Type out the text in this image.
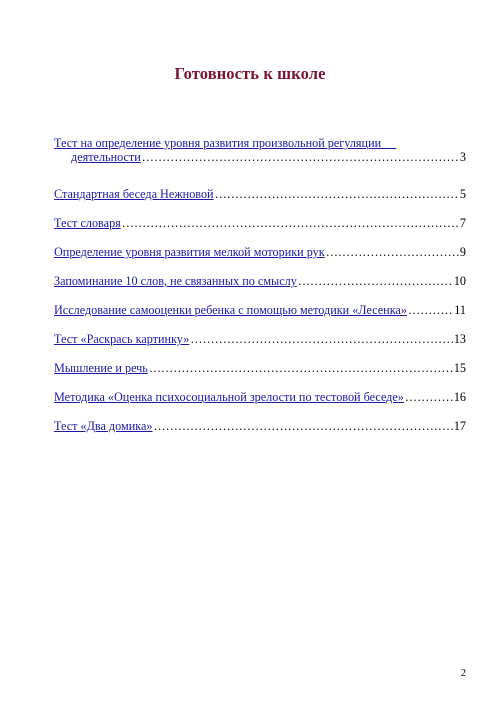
Готовность к школе
Тест на определение уровня развития произвольной регуляции
деятельности ……………………………………………………………………………………………………………………	3
Стандартная беседа Нежновой ……………………………………………………………………………………………………………………	5
Тест словаря ……………………………………………………………………………………………………………………	7
Определение уровня развития мелкой моторики рук ……………………………………………………………………………………………………………………	9
Запоминание 10 слов, не связанных по смыслу ……………………………………………………………………………………………………………………	10
Исследование самооценки ребенка с помощью методики «Лесенка» ……………………………………………………………………………………………………………………	11
Тест «Раскрась картинку» ……………………………………………………………………………………………………………………	13
Мышление и речь ……………………………………………………………………………………………………………………	15
Методика «Оценка психосоциальной зрелости по тестовой беседе» ……………………………………………………………………………………………………………………	16
Тест «Два домика» ……………………………………………………………………………………………………………………	17
2
